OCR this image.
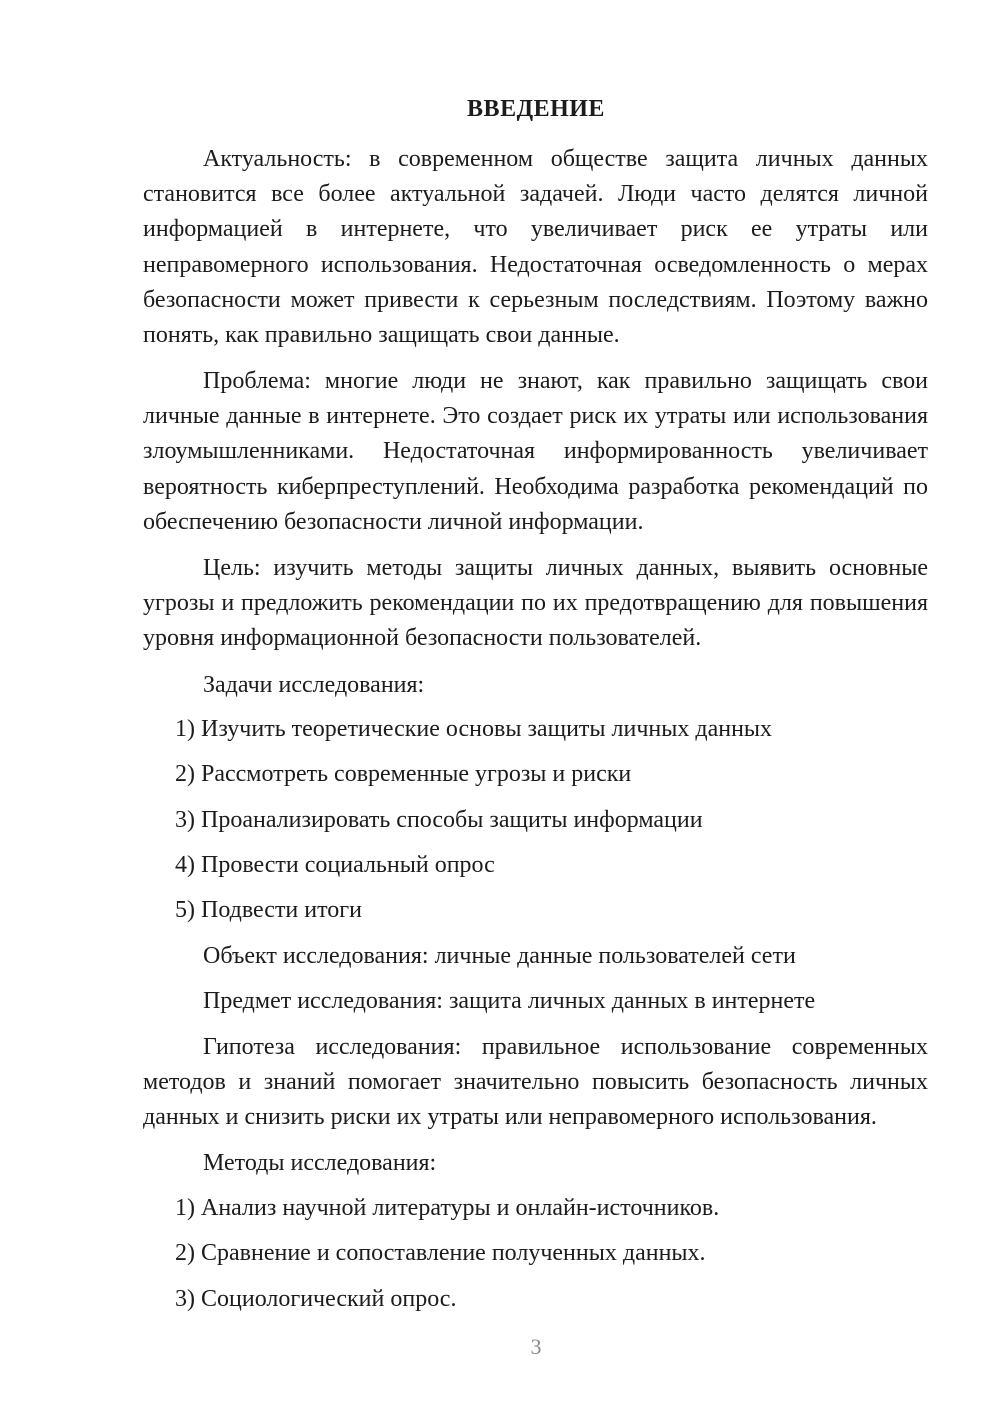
ВВЕДЕНИЕ

Актуальность: в современном обществе защита личных данных становится все более актуальной задачей. Люди часто делятся личной информацией в интернете, что увеличивает риск ее утраты или неправомерного использования. Недостаточная осведомленность о мерах безопасности может привести к серьезным последствиям. Поэтому важно понять, как правильно защищать свои данные.

Проблема: многие люди не знают, как правильно защищать свои личные данные в интернете. Это создает риск их утраты или использования злоумышленниками. Недостаточная информированность увеличивает вероятность киберпреступлений. Необходима разработка рекомендаций по обеспечению безопасности личной информации.

Цель: изучить методы защиты личных данных, выявить основные угрозы и предложить рекомендации по их предотвращению для повышения уровня информационной безопасности пользователей.

Задачи исследования:
1) Изучить теоретические основы защиты личных данных
2) Рассмотреть современные угрозы и риски
3) Проанализировать способы защиты информации
4) Провести социальный опрос
5) Подвести итоги
Объект исследования: личные данные пользователей сети
Предмет исследования: защита личных данных в интернете

Гипотеза исследования: правильное использование современных методов и знаний помогает значительно повысить безопасность личных данных и снизить риски их утраты или неправомерного использования.

Методы исследования:
1) Анализ научной литературы и онлайн-источников.
2) Сравнение и сопоставление полученных данных.
3) Социологический опрос.
3
